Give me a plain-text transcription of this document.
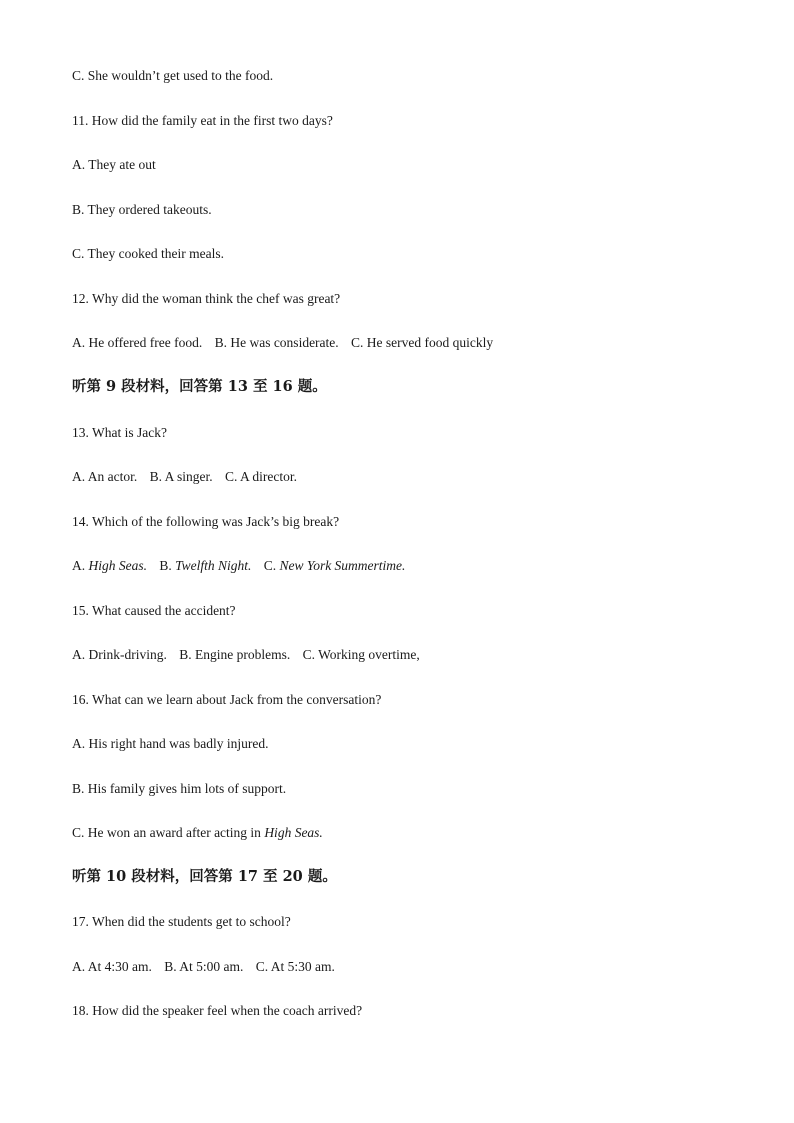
C. She wouldn’t get used to the food.
11. How did the family eat in the first two days?
A. They ate out
B. They ordered takeouts.
C. They cooked their meals.
12. Why did the woman think the chef was great?
A. He offered free food. B. He was considerate. C. He served food quickly
听第 9 段材料，回答第 13 至 16 题。
13. What is Jack?
A. An actor. B. A singer. C. A director.
14. Which of the following was Jack’s big break?
A. High Seas. B. Twelfth Night. C. New York Summertime.
15. What caused the accident?
A. Drink-driving. B. Engine problems. C. Working overtime,
16. What can we learn about Jack from the conversation?
A. His right hand was badly injured.
B. His family gives him lots of support.
C. He won an award after acting in High Seas.
听第 10 段材料，回答第 17 至 20 题。
17. When did the students get to school?
A. At 4:30 am. B. At 5:00 am. C. At 5:30 am.
18. How did the speaker feel when the coach arrived?
